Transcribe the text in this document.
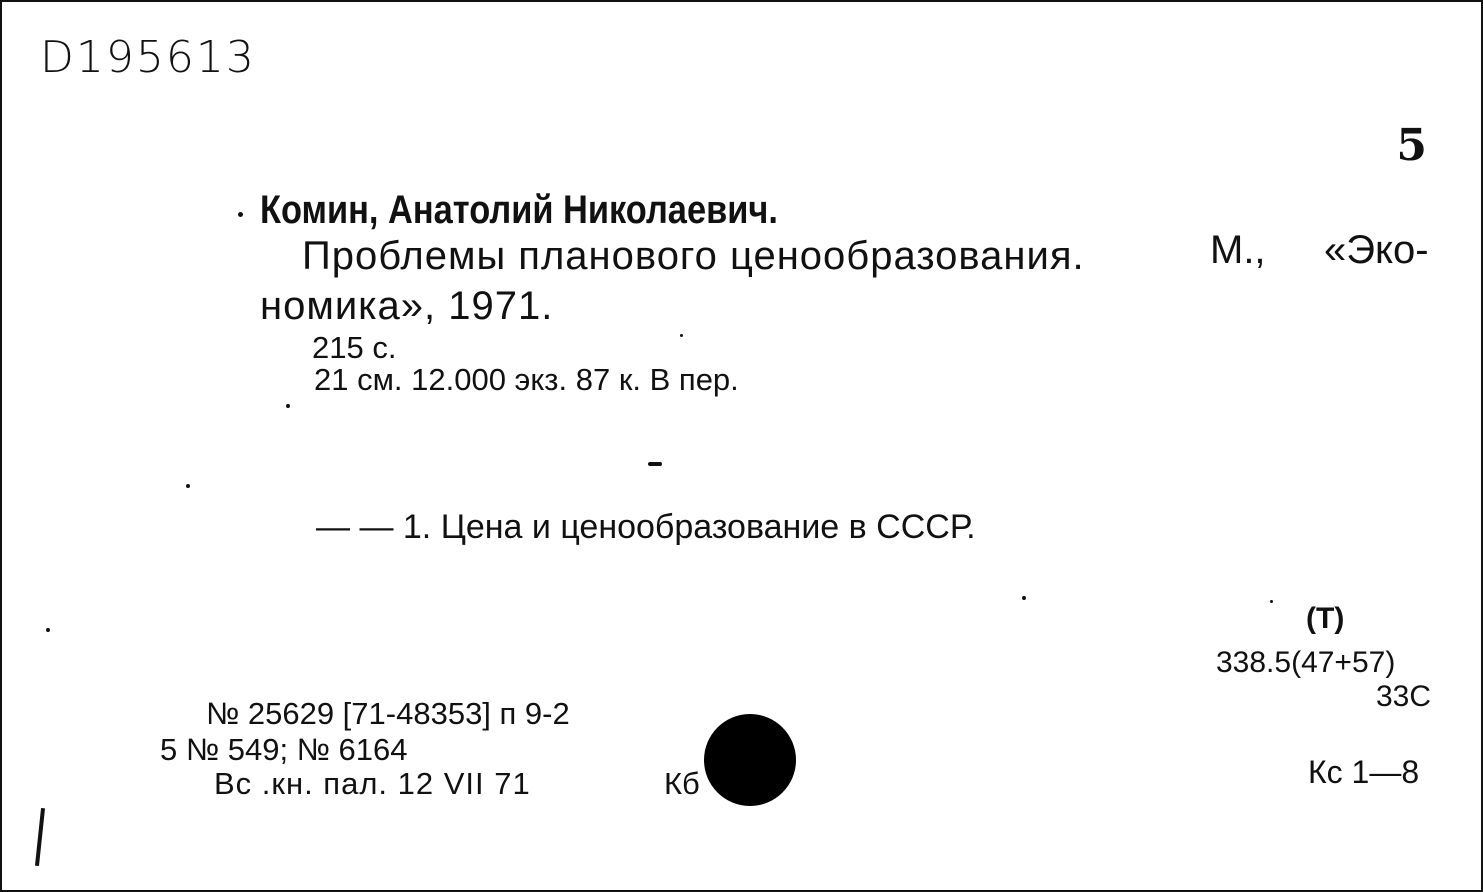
D195613
5
Комин, Анатолий Николаевич.
Проблемы планового ценообразования.	М., «Эко-
номика», 1971.
215 с.
21 см. 12.000 экз. 87 к. В пер.
— — 1. Цена и ценообразование в СССР.
(Т)
338.5(47+57)
33С
№ 25629 [71-48353] п 9-2
5 № 549; № 6164
Вс .кн. пал. 12 VII 71	Кб	Кс 1—8
